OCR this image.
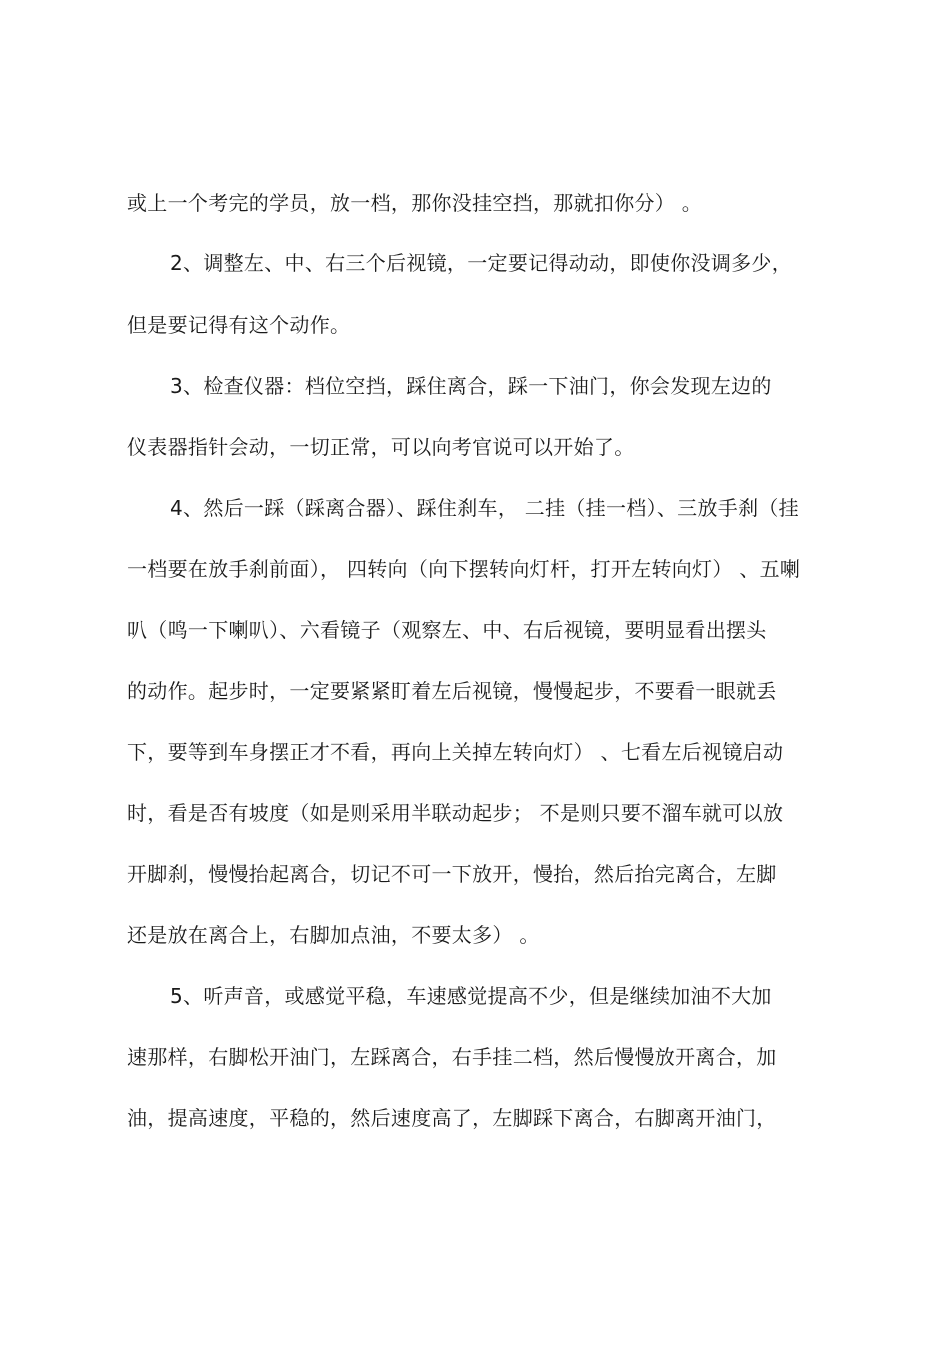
或上一个考完的学员，放一档，那你没挂空挡，那就扣你分） 。
2、调整左、中、右三个后视镜，一定要记得动动，即使你没调多少，
但是要记得有这个动作。
3、检查仪器：档位空挡，踩住离合，踩一下油门，你会发现左边的
仪表器指针会动，一切正常，可以向考官说可以开始了。
4、然后一踩（踩离合器）、踩住刹车， 二挂（挂一档）、三放手刹（挂
一档要在放手刹前面）， 四转向（向下摆转向灯杆，打开左转向灯） 、五喇
叭（鸣一下喇叭）、六看镜子（观察左、中、右后视镜，要明显看出摆头
的动作。起步时，一定要紧紧盯着左后视镜，慢慢起步，不要看一眼就丢
下，要等到车身摆正才不看，再向上关掉左转向灯） 、七看左后视镜启动
时，看是否有坡度（如是则采用半联动起步； 不是则只要不溜车就可以放
开脚刹，慢慢抬起离合，切记不可一下放开，慢抬，然后抬完离合，左脚
还是放在离合上，右脚加点油，不要太多） 。
5、听声音，或感觉平稳，车速感觉提高不少，但是继续加油不大加
速那样，右脚松开油门，左踩离合，右手挂二档，然后慢慢放开离合，加
油，提高速度，平稳的，然后速度高了，左脚踩下离合，右脚离开油门，
